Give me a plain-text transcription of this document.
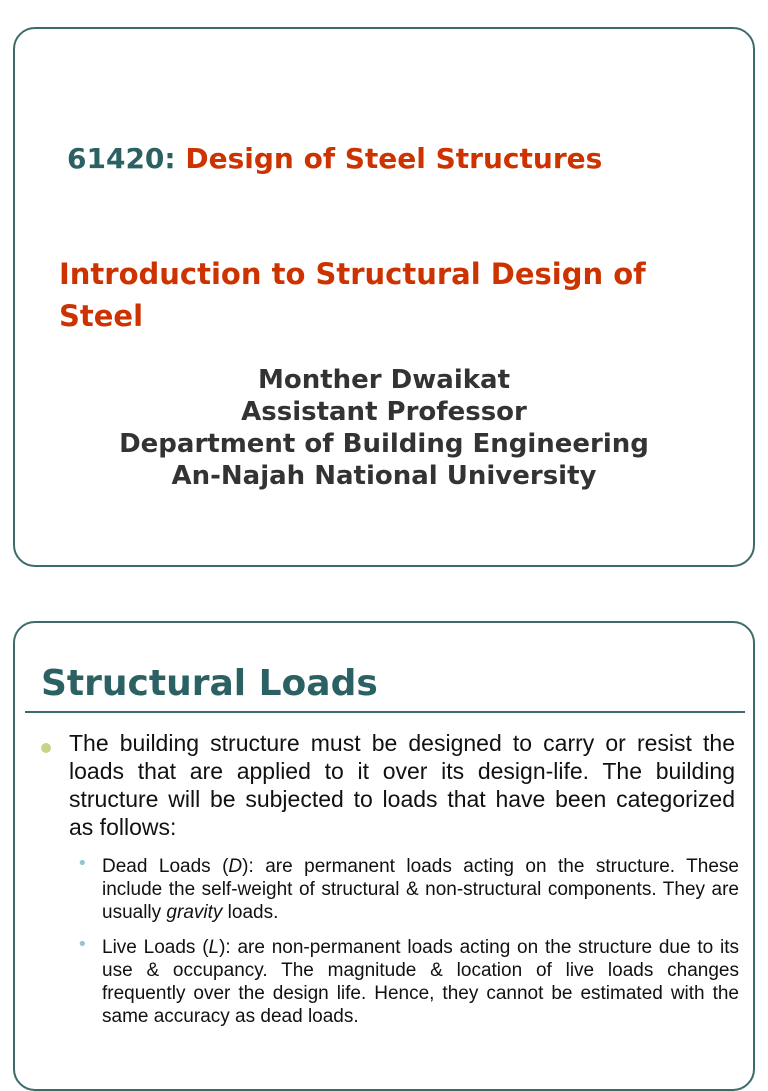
61420: Design of Steel Structures
Introduction to Structural Design of Steel
Monther Dwaikat
Assistant Professor
Department of Building Engineering
An-Najah National University
Structural Loads
The building structure must be designed to carry or resist the loads that are applied to it over its design-life. The building structure will be subjected to loads that have been categorized as follows:
• Dead Loads (D): are permanent loads acting on the structure. These include the self-weight of structural & non-structural components. They are usually gravity loads.
• Live Loads (L): are non-permanent loads acting on the structure due to its use & occupancy. The magnitude & location of live loads changes frequently over the design life. Hence, they cannot be estimated with the same accuracy as dead loads.
